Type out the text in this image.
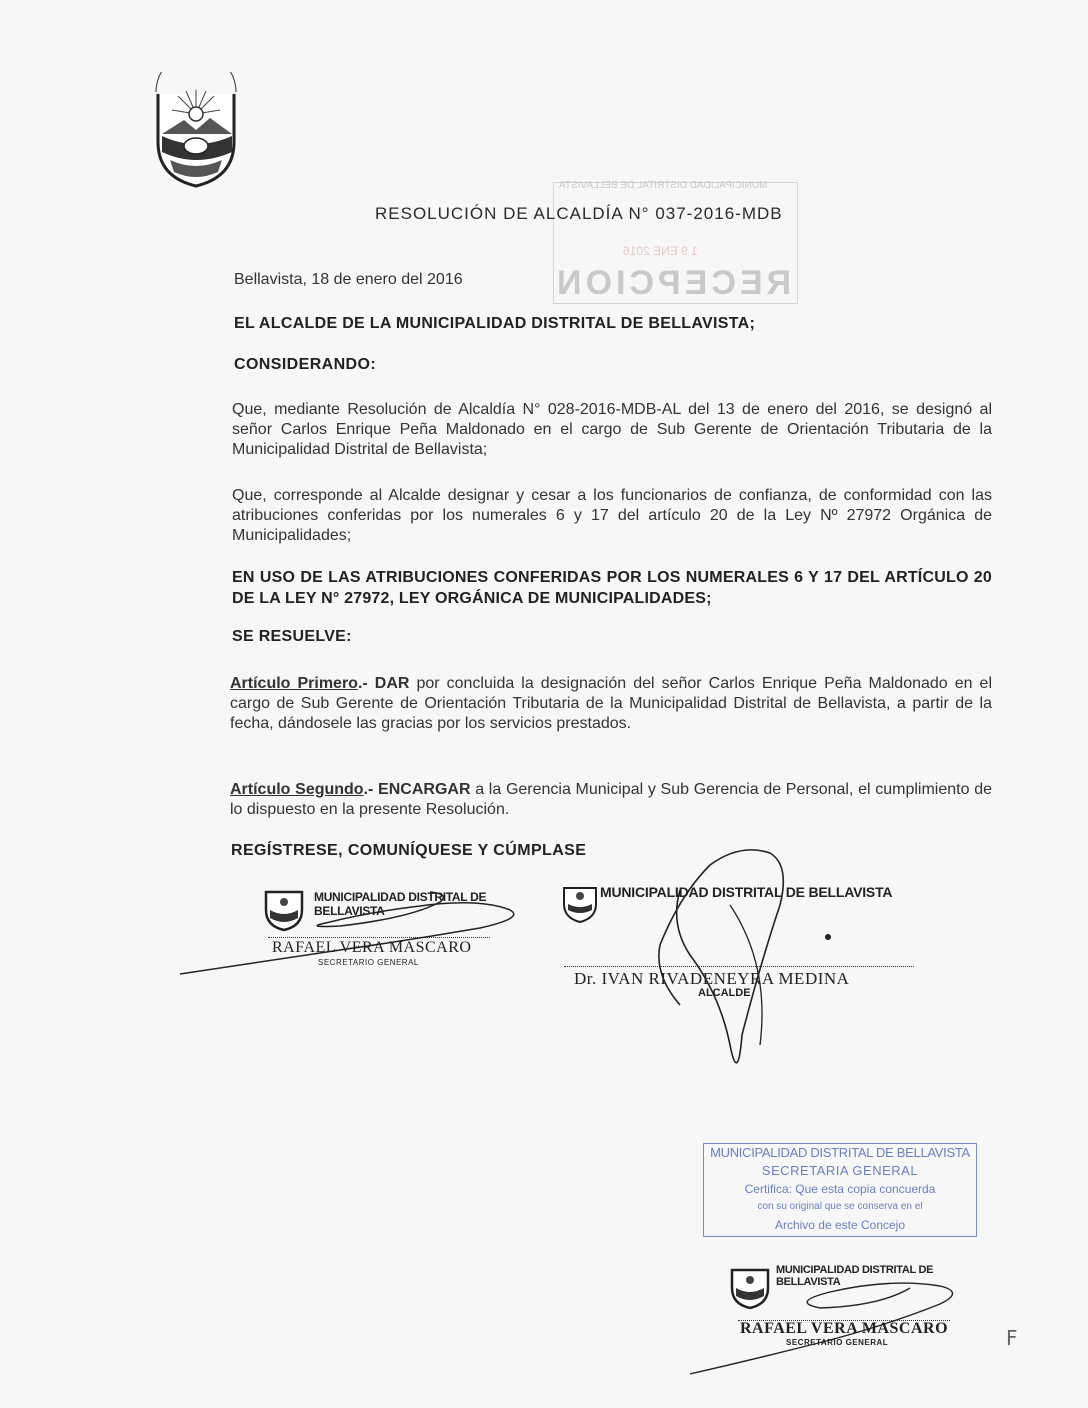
MUNICIPALIDAD DISTRITAL DE BELLAVISTA
1 9 ENE 2016
RECEPCION
RESOLUCIÓN DE ALCALDÍA N° 037-2016-MDB
Bellavista, 18 de enero del 2016
EL ALCALDE DE LA MUNICIPALIDAD DISTRITAL DE BELLAVISTA;
CONSIDERANDO:
Que, mediante Resolución de Alcaldía N° 028-2016-MDB-AL del 13 de enero del 2016, se designó al señor Carlos Enrique Peña Maldonado en el cargo de Sub Gerente de Orientación Tributaria de la Municipalidad Distrital de Bellavista;
Que, corresponde al Alcalde designar y cesar a los funcionarios de confianza, de conformidad con las atribuciones conferidas por los numerales 6 y 17 del artículo 20 de la Ley Nº 27972 Orgánica de Municipalidades;
EN USO DE LAS ATRIBUCIONES CONFERIDAS POR LOS NUMERALES 6 Y 17 DEL ARTÍCULO 20 DE LA LEY N° 27972, LEY ORGÁNICA DE MUNICIPALIDADES;
SE RESUELVE:
Artículo Primero.- DAR por concluida la designación del señor Carlos Enrique Peña Maldonado en el cargo de Sub Gerente de Orientación Tributaria de la Municipalidad Distrital de Bellavista, a partir de la fecha, dándosele las gracias por los servicios prestados.
Artículo Segundo.- ENCARGAR a la Gerencia Municipal y Sub Gerencia de Personal, el cumplimiento de lo dispuesto en la presente Resolución.
REGÍSTRESE, COMUNÍQUESE Y CÚMPLASE
MUNICIPALIDAD DISTRITAL DE BELLAVISTA
RAFAEL VERA MASCARO
SECRETARIO GENERAL
MUNICIPALIDAD DISTRITAL DE BELLAVISTA
Dr. IVAN RIVADENEYRA MEDINA
ALCALDE
MUNICIPALIDAD DISTRITAL DE BELLAVISTA
SECRETARIA GENERAL
Certifica: Que esta copia concuerda
con su original que se conserva en el
Archivo de este Concejo
MUNICIPALIDAD DISTRITAL DE BELLAVISTA
RAFAEL VERA MASCARO
SECRETARIO GENERAL	F
